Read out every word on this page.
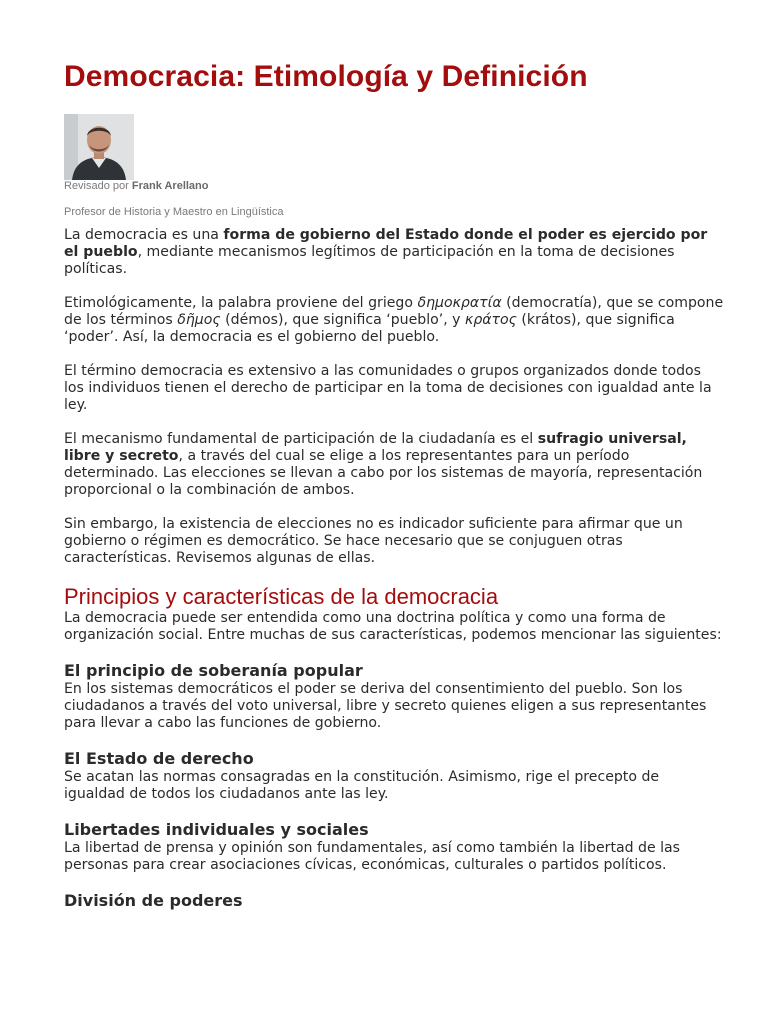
Democracia: Etimología y Definición
Revisado por Frank Arellano
Profesor de Historia y Maestro en Lingüística

La democracia es una forma de gobierno del Estado donde el poder es ejercido por el pueblo, mediante mecanismos legítimos de participación en la toma de decisiones políticas.

Etimológicamente, la palabra proviene del griego δημοκρατία (democratía), que se compone de los términos δῆμος (démos), que significa ‘pueblo’, y κράτος (krátos), que significa ‘poder’. Así, la democracia es el gobierno del pueblo.

El término democracia es extensivo a las comunidades o grupos organizados donde todos los individuos tienen el derecho de participar en la toma de decisiones con igualdad ante la ley.

El mecanismo fundamental de participación de la ciudadanía es el sufragio universal, libre y secreto, a través del cual se elige a los representantes para un período determinado. Las elecciones se llevan a cabo por los sistemas de mayoría, representación proporcional o la combinación de ambos.

Sin embargo, la existencia de elecciones no es indicador suficiente para afirmar que un gobierno o régimen es democrático. Se hace necesario que se conjuguen otras características. Revisemos algunas de ellas.

Principios y características de la democracia

La democracia puede ser entendida como una doctrina política y como una forma de organización social. Entre muchas de sus características, podemos mencionar las siguientes:

El principio de soberanía popular

En los sistemas democráticos el poder se deriva del consentimiento del pueblo. Son los ciudadanos a través del voto universal, libre y secreto quienes eligen a sus representantes para llevar a cabo las funciones de gobierno.

El Estado de derecho

Se acatan las normas consagradas en la constitución. Asimismo, rige el precepto de igualdad de todos los ciudadanos ante las ley.

Libertades individuales y sociales

La libertad de prensa y opinión son fundamentales, así como también la libertad de las personas para crear asociaciones cívicas, económicas, culturales o partidos políticos.

División de poderes
